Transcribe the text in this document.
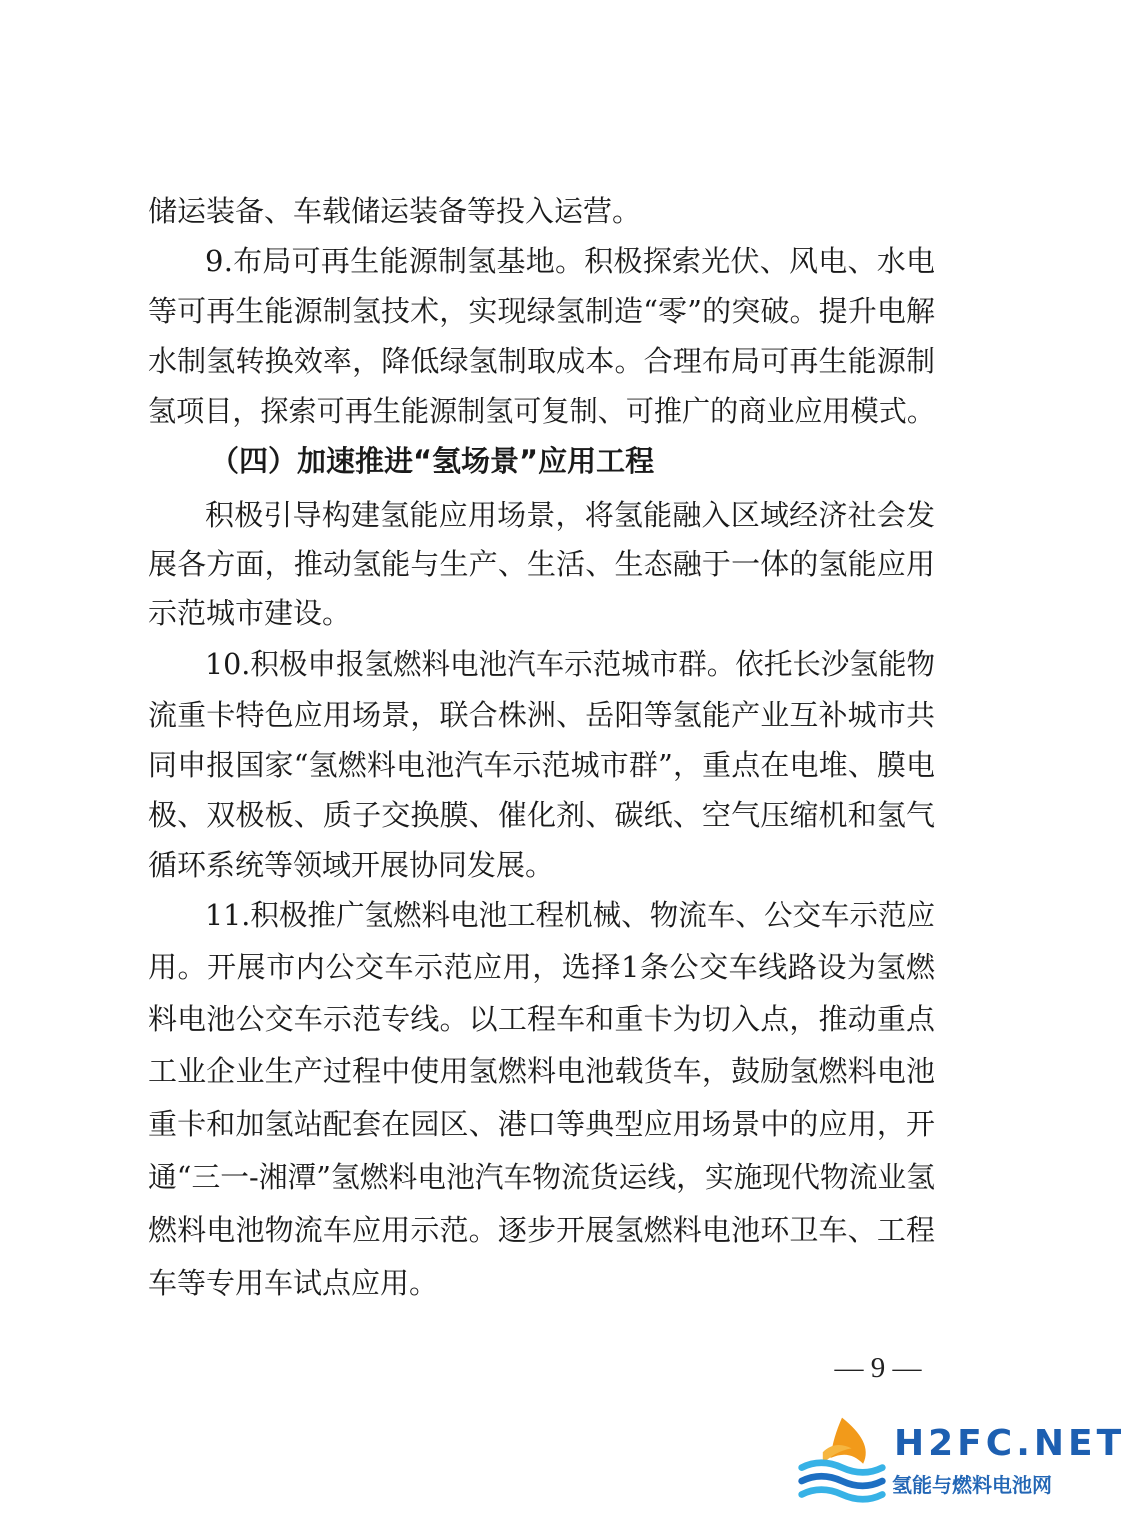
储运装备、车载储运装备等投入运营。
9.布局可再生能源制氢基地。积极探索光伏、风电、水电
等可再生能源制氢技术，实现绿氢制造“零”的突破。提升电解
水制氢转换效率，降低绿氢制取成本。合理布局可再生能源制
氢项目，探索可再生能源制氢可复制、可推广的商业应用模式。
（四）加速推进“氢场景”应用工程
积极引导构建氢能应用场景，将氢能融入区域经济社会发
展各方面，推动氢能与生产、生活、生态融于一体的氢能应用
示范城市建设。
10.积极申报氢燃料电池汽车示范城市群。依托长沙氢能物
流重卡特色应用场景，联合株洲、岳阳等氢能产业互补城市共
同申报国家“氢燃料电池汽车示范城市群”，重点在电堆、膜电
极、双极板、质子交换膜、催化剂、碳纸、空气压缩机和氢气
循环系统等领域开展协同发展。
11.积极推广氢燃料电池工程机械、物流车、公交车示范应
用。开展市内公交车示范应用，选择1条公交车线路设为氢燃
料电池公交车示范专线。以工程车和重卡为切入点，推动重点
工业企业生产过程中使用氢燃料电池载货车，鼓励氢燃料电池
重卡和加氢站配套在园区、港口等典型应用场景中的应用，开
通“三一-湘潭”氢燃料电池汽车物流货运线，实施现代物流业氢
燃料电池物流车应用示范。逐步开展氢燃料电池环卫车、工程
车等专用车试点应用。
— 9 —
H2FC.NET
氢能与燃料电池网
